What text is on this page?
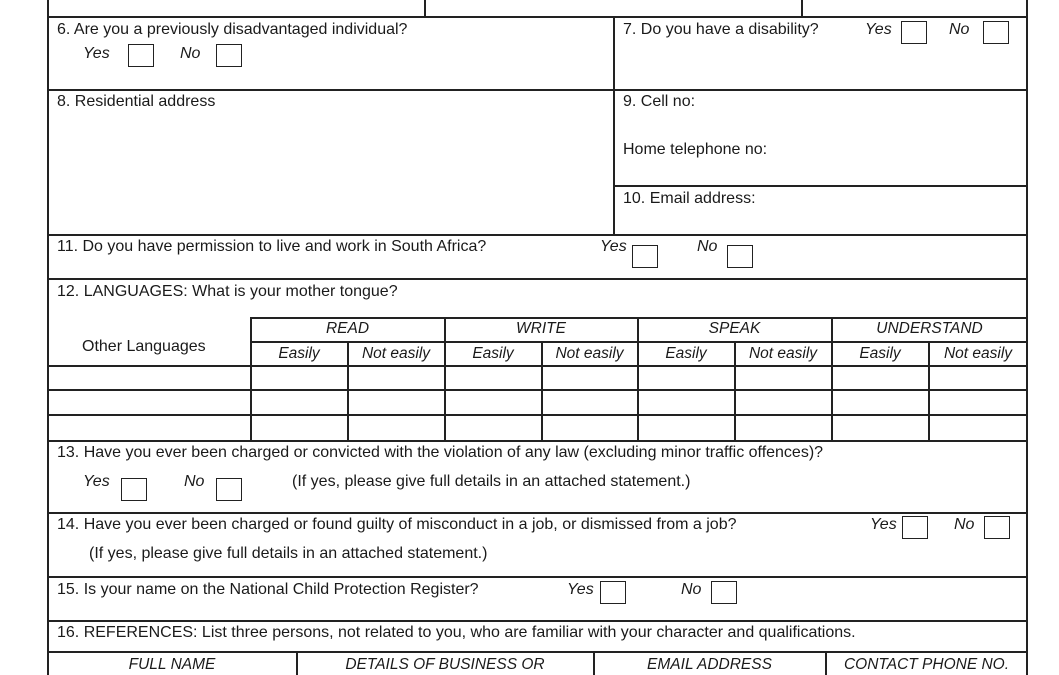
6. Are you a previously disadvantaged individual?
Yes	No
7. Do you have a disability?	Yes	No
8. Residential address	9. Cell no:
Home telephone no:
10. Email address:
11. Do you have permission to live and work in South Africa?	Yes	No
12. LANGUAGES: What is your mother tongue?
Other Languages
READ	WRITE	SPEAK	UNDERSTAND
Easily	Not easily	Easily	Not easily	Easily	Not easily	Easily	Not easily
13. Have you ever been charged or convicted with the violation of any law (excluding minor traffic offences)?
Yes	No	(If yes, please give full details in an attached statement.)
14. Have you ever been charged or found guilty of misconduct in a job, or dismissed from a job?	Yes	No
(If yes, please give full details in an attached statement.)
15. Is your name on the National Child Protection Register?	Yes	No
16. REFERENCES: List three persons, not related to you, who are familiar with your character and qualifications.
FULL NAME	DETAILS OF BUSINESS OR	EMAIL ADDRESS	CONTACT PHONE NO.
